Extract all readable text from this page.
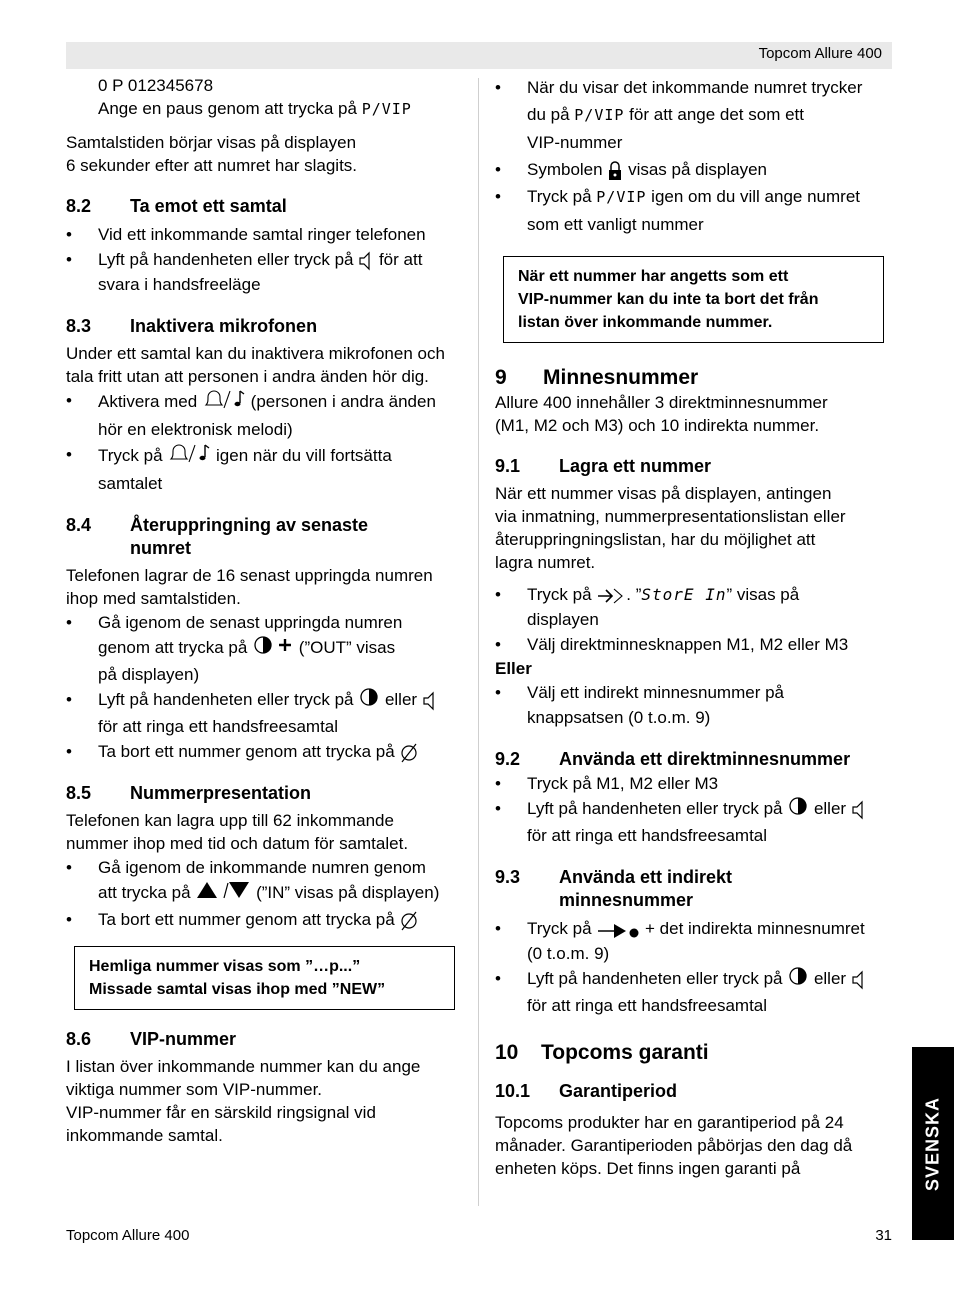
Topcom Allure 400

0 P 012345678

Ange en paus genom att trycka på P/VIP

Samtalstiden börjar visas på displayen
6 sekunder efter att numret har slagits.

8.2	Ta emot ett samtal
• Vid ett inkommande samtal ringer telefonen
• Lyft på handenheten eller tryck på för att
svara i handsfreeläge
8.3	Inaktivera mikrofonen

Under ett samtal kan du inaktivera mikrofonen och
tala fritt utan att personen i andra änden hör dig.

• Aktivera med	(personen i andra änden
hör en elektronisk melodi)
• Tryck på	igen när du vill fortsätta
samtalet
8.4	Återuppringning av senaste
numret

Telefonen lagrar de 16 senast uppringda numren
ihop med samtalstiden.

• Gå igenom de senast uppringda numren
genom att trycka på	(”OUT” visas
på displayen)
• Lyft på handenheten eller tryck på eller
för att ringa ett handsfreesamtal
• Ta bort ett nummer genom att trycka på
8.5	Nummerpresentation

Telefonen kan lagra upp till 62 inkommande
nummer ihop med tid och datum för samtalet.

• Gå igenom de inkommande numren genom
att trycka på	(”IN” visas på displayen)
• Ta bort ett nummer genom att trycka på
Hemliga nummer visas som ”…p...”
Missade samtal visas ihop med ”NEW”
8.6	VIP-nummer

I listan över inkommande nummer kan du ange
viktiga nummer som VIP-nummer.
VIP-nummer får en särskild ringsignal vid
inkommande samtal.

• När du visar det inkommande numret trycker
du på P/VIP för att ange det som ett
VIP-nummer
• Symbolen visas på displayen
• Tryck på P/VIP igen om du vill ange numret
som ett vanligt nummer
När ett nummer har angetts som ett
VIP-nummer kan du inte ta bort det från
listan över inkommande nummer.
9	Minnesnummer

Allure 400 innehåller 3 direktminnesnummer
(M1, M2 och M3) och 10 indirekta nummer.

9.1	Lagra ett nummer

När ett nummer visas på displayen, antingen
via inmatning, nummerpresentationslistan eller
återuppringningslistan, har du möjlighet att
lagra numret.

• Tryck på . ”StorE In” visas på
displayen
• Välj direktminnesknappen M1, M2 eller M3

Eller

• Välj ett indirekt minnesnummer på
knappsatsen (0 t.o.m. 9)
9.2	Använda ett direktminnesnummer
• Tryck på M1, M2 eller M3
• Lyft på handenheten eller tryck på eller
för att ringa ett handsfreesamtal
9.3	Använda ett indirekt
minnesnummer
• Tryck på	+ det indirekta minnesnumret
(0 t.o.m. 9)
• Lyft på handenheten eller tryck på eller
för att ringa ett handsfreesamtal
10	Topcoms garanti
10.1	Garantiperiod

Topcoms produkter har en garantiperiod på 24
månader. Garantiperioden påbörjas den dag då
enheten köps. Det finns ingen garanti på	SVENSKA
Topcom Allure 400	31
